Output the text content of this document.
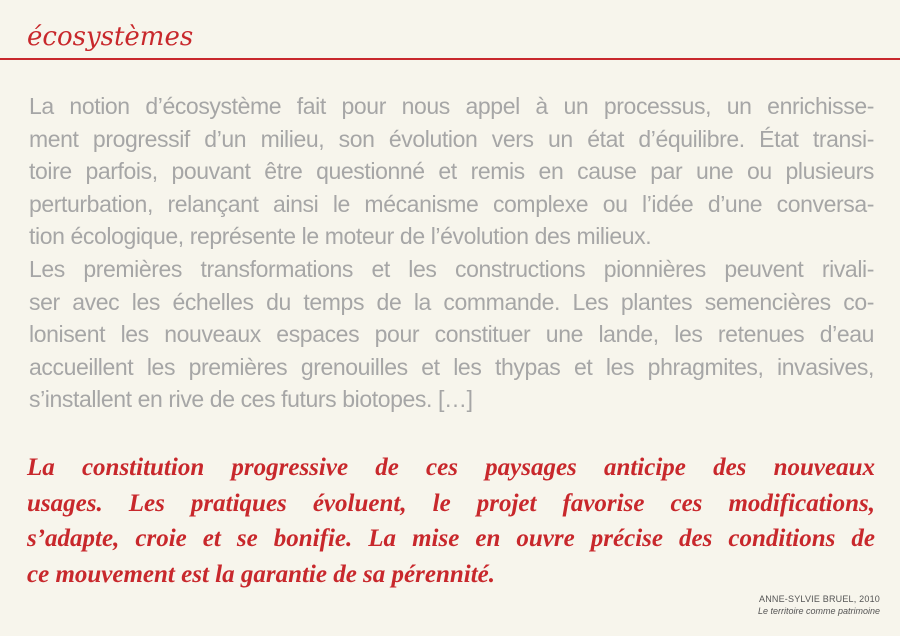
écosystèmes

La notion d’écosystème fait pour nous appel à un processus, un enrichisse-
ment progressif d’un milieu, son évolution vers un état d’équilibre. État transi-
toire parfois, pouvant être questionné et remis en cause par une ou plusieurs
perturbation, relançant ainsi le mécanisme complexe ou l’idée d’une conversa-
tion écologique, représente le moteur de l’évolution des milieux.
Les premières transformations et les constructions pionnières peuvent rivali-
ser avec les échelles du temps de la commande. Les plantes semencières co-
lonisent les nouveaux espaces pour constituer une lande, les retenues d’eau
accueillent les premières grenouilles et les thypas et les phragmites, invasives,
s’installent en rive de ces futurs biotopes. […]

La constitution progressive de ces paysages anticipe des nouveaux
usages. Les pratiques évoluent, le projet favorise ces modifications,
s’adapte, croie et se bonifie. La mise en ouvre précise des conditions de
ce mouvement est la garantie de sa pérennité.

ANNE-SYLVIE BRUEL, 2010
Le territoire comme patrimoine
